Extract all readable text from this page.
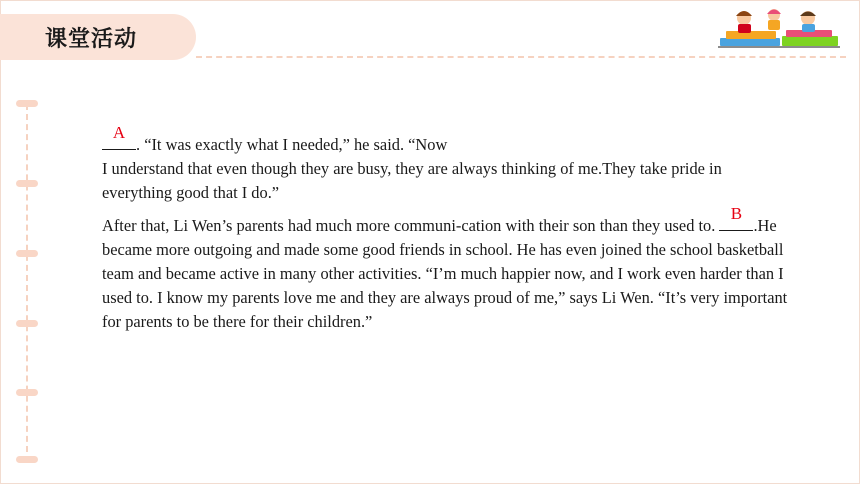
课堂活动

A
. “It was exactly what I needed,” he said. “Now
I understand that even though they are busy, they are always thinking of me.They take pride in everything good that I do.”

After that, Li Wen’s parents had much more communi-cation with their son than they used to.
B
.He became more outgoing and made some good friends in school. He has even joined the school basketball team and became active in many other activities. “I’m much happier now, and I work even harder than I used to. I know my parents love me and they are always proud of me,” says Li Wen. “It’s very important for parents to be there for their children.”
